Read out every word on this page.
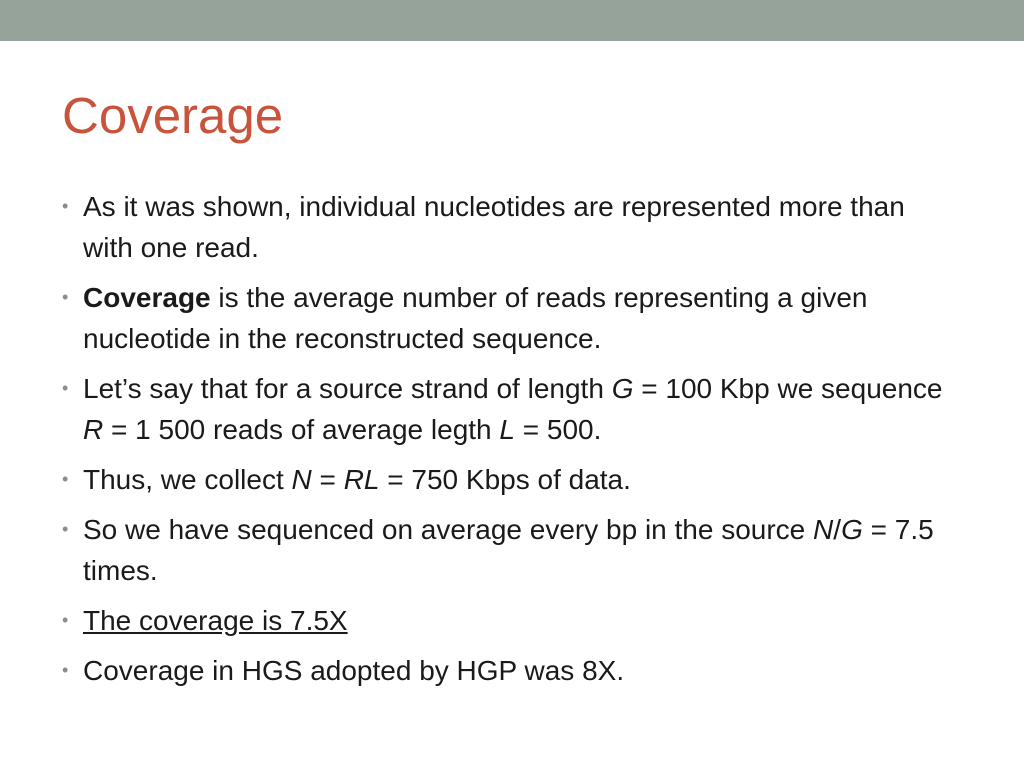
Coverage
• As it was shown, individual nucleotides are represented more than with one read.
• Coverage is the average number of reads representing a given nucleotide in the reconstructed sequence.
• Let’s say that for a source strand of length G = 100 Kbp we sequence R = 1 500 reads of average legth L = 500.
• Thus, we collect N = RL = 750 Kbps of data.
• So we have sequenced on average every bp in the source N/G = 7.5 times.
• The coverage is 7.5X
• Coverage in HGS adopted by HGP was 8X.
